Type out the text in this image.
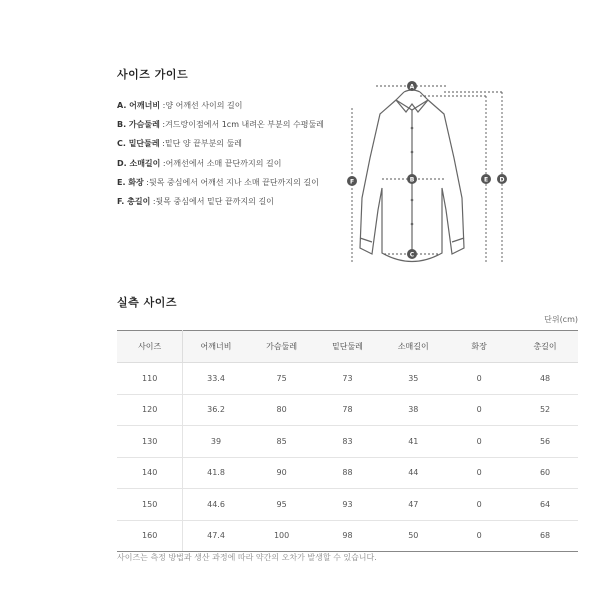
사이즈 가이드
A. 어깨너비 :양 어깨선 사이의 길이
B. 가슴둘레 :겨드랑이점에서 1cm 내려온 부분의 수평둘레
C. 밑단둘레 :밑단 양 끝부분의 둘레
D. 소매길이 :어깨선에서 소매 끝단까지의 길이
E. 화장 :뒷목 중심에서 어깨선 지나 소매 끝단까지의 길이
F. 총길이 :뒷목 중심에서 밑단 끝까지의 길이
A
B
C
D
E
F
실측 사이즈
단위(cm)
사이즈	어깨너비	가슴둘레	밑단둘레	소매길이	화장	총길이
110	33.4	75	73	35	0	48
120	36.2	80	78	38	0	52
130	39	85	83	41	0	56
140	41.8	90	88	44	0	60
150	44.6	95	93	47	0	64
160	47.4	100	98	50	0	68
사이즈는 측정 방법과 생산 과정에 따라 약간의 오차가 발생할 수 있습니다.
